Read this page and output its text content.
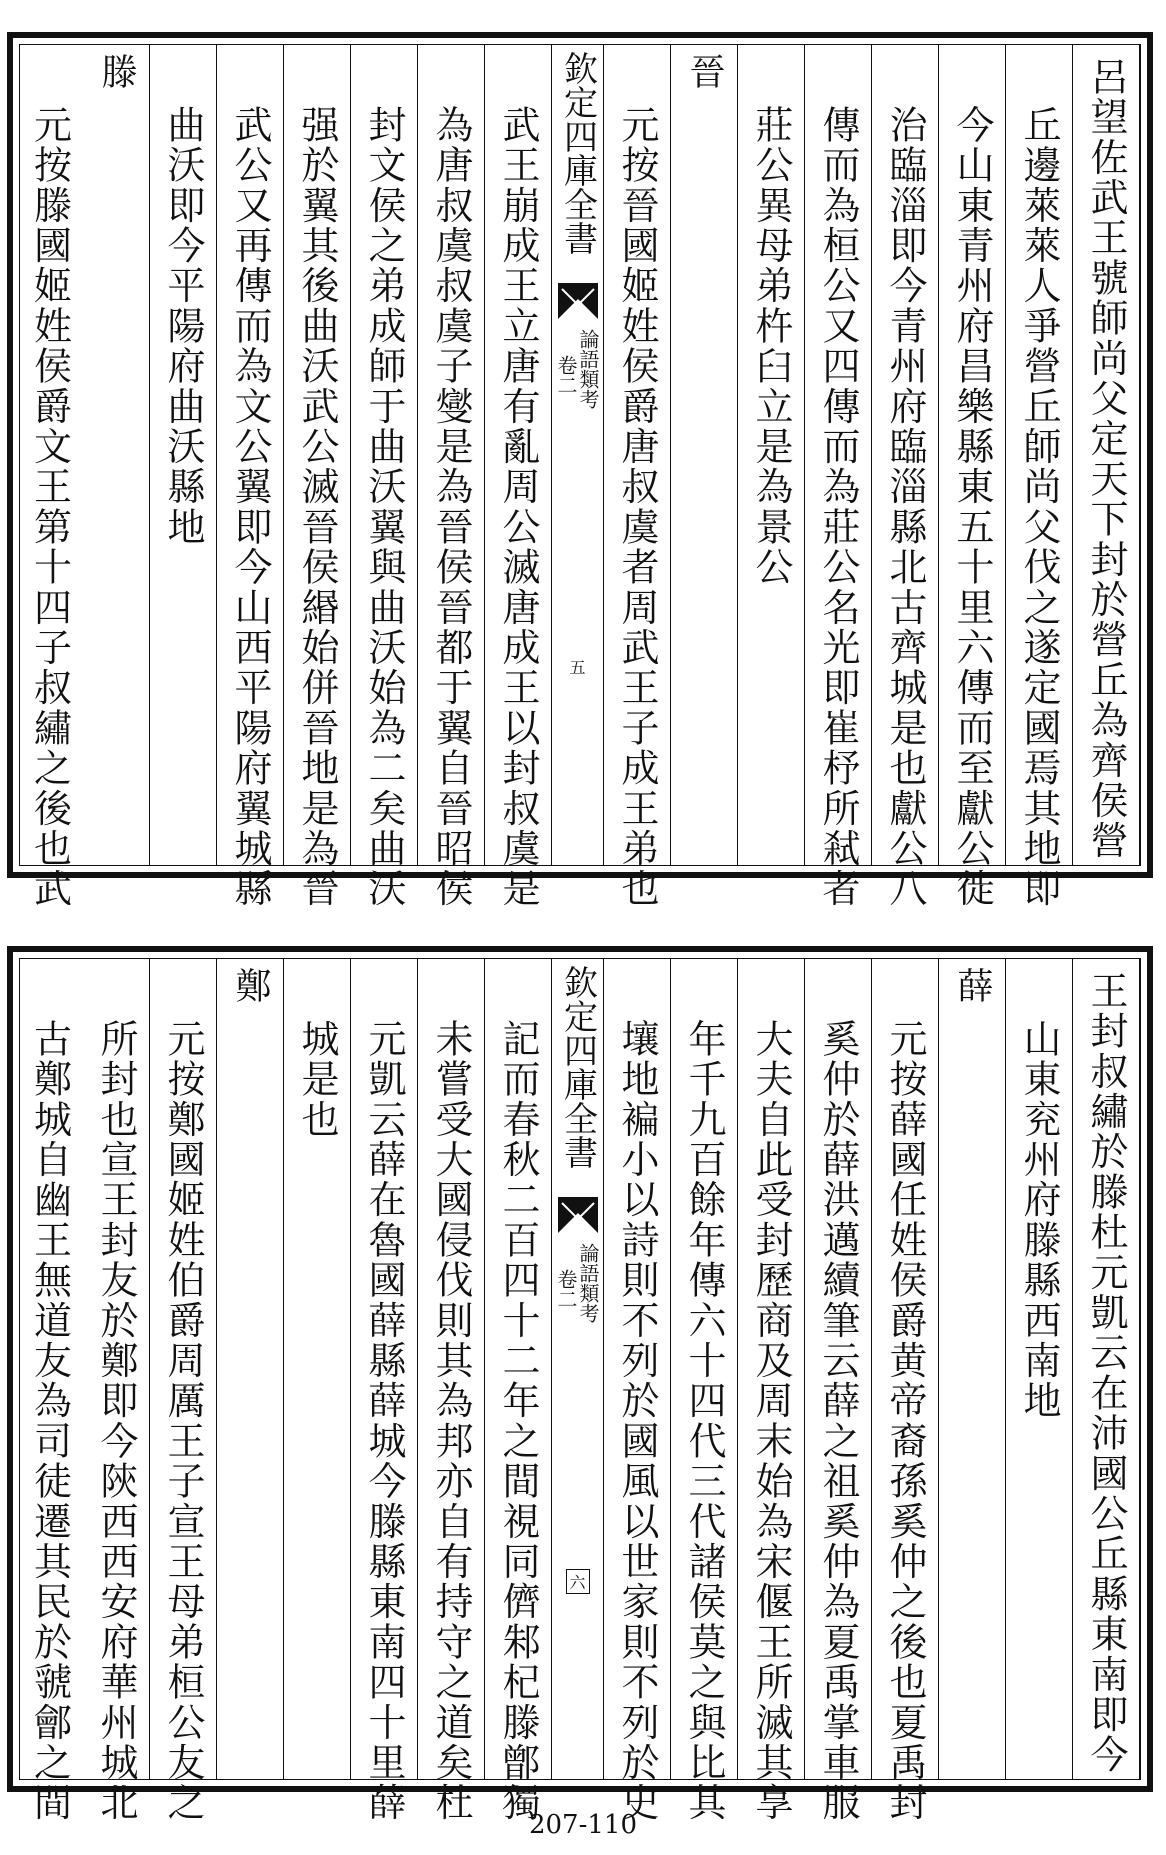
呂望佐武王號師尚父定天下封於營丘為齊侯營
丘邊萊萊人爭營丘師尚父伐之遂定國焉其地即
今山東青州府昌樂縣東五十里六傳而至獻公徙
治臨淄即今青州府臨淄縣北古齊城是也獻公八
傳而為桓公又四傳而為莊公名光即崔杼所弒者
莊公異母弟杵臼立是為景公
晉
元按晉國姬姓侯爵唐叔虞者周武王子成王弟也
欽定四庫全書
論語類考
卷二
五
武王崩成王立唐有亂周公滅唐成王以封叔虞是
為唐叔虞叔虞子燮是為晉侯晉都于翼自晉昭侯
封文侯之弟成師于曲沃翼與曲沃始為二矣曲沃
强於翼其後曲沃武公滅晉侯緡始併晉地是為晉
武公又再傳而為文公翼即今山西平陽府翼城縣
曲沃即今平陽府曲沃縣地
滕
元按滕國姬姓侯爵文王第十四子叔繡之後也武
王封叔繡於滕杜元凱云在沛國公丘縣東南即今
山東兖州府滕縣西南地
薛
元按薛國任姓侯爵黄帝裔孫奚仲之後也夏禹封
奚仲於薛洪邁續筆云薛之祖奚仲為夏禹掌車服
大夫自此受封歷商及周末始為宋偃王所滅其享
年千九百餘年傳六十四代三代諸侯莫之與比其
壤地褊小以詩則不列於國風以世家則不列於史
欽定四庫全書
論語類考
卷二
六
記而春秋二百四十二年之間視同儕邾杞滕鄫獨
未嘗受大國侵伐則其為邦亦自有持守之道矣杜
元凱云薛在魯國薛縣薛城今滕縣東南四十里薛
城是也
鄭
元按鄭國姬姓伯爵周厲王子宣王母弟桓公友之
所封也宣王封友於鄭即今陝西西安府華州城北
古鄭城自幽王無道友為司徒遷其民於虢鄶之間
207-110
